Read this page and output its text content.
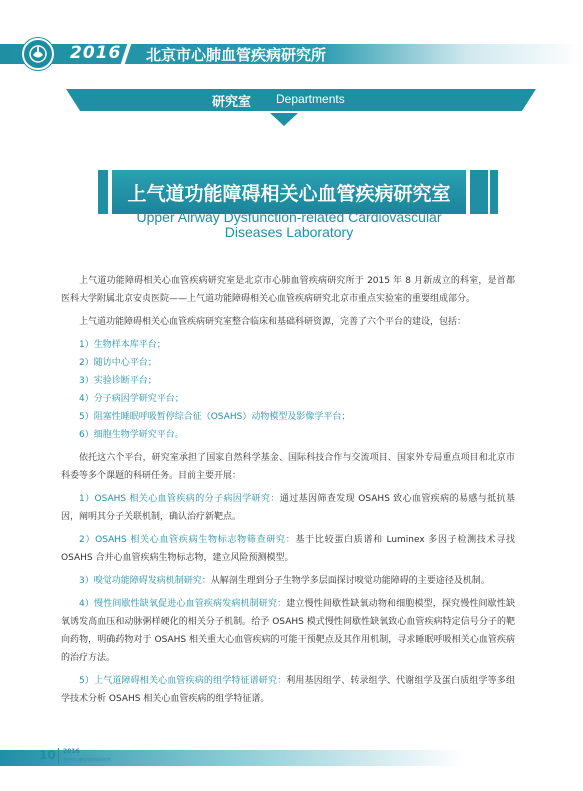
2016 北京市心肺血管疾病研究所
研究室 Departments
上气道功能障碍相关心血管疾病研究室
Upper Airway Dysfunction-related Cardiovascular
Diseases Laboratory

上气道功能障碍相关心血管疾病研究室是北京市心肺血管疾病研究所于 2015 年 8 月新成立的科室，是首都医科大学附属北京安贞医院——上气道功能障碍相关心血管疾病研究北京市重点实验室的重要组成部分。

上气道功能障碍相关心血管疾病研究室整合临床和基础科研资源，完善了六个平台的建设，包括：

1）生物样本库平台；
2）随访中心平台；
3）实验诊断平台；
4）分子病因学研究平台；
5）阻塞性睡眠呼吸暂停综合征（OSAHS）动物模型及影像学平台；
6）细胞生物学研究平台。

依托这六个平台，研究室承担了国家自然科学基金、国际科技合作与交流项目、国家外专局重点项目和北京市科委等多个课题的科研任务。目前主要开展：

1）OSAHS 相关心血管疾病的分子病因学研究：通过基因筛查发现 OSAHS 致心血管疾病的易感与抵抗基因，阐明其分子关联机制，确认治疗新靶点。

2）OSAHS 相关心血管疾病生物标志物筛查研究：基于比较蛋白质谱和 Luminex 多因子检测技术寻找 OSAHS 合并心血管疾病生物标志物，建立风险预测模型。

3）嗅觉功能障碍发病机制研究：从解剖生理到分子生物学多层面探讨嗅觉功能障碍的主要途径及机制。

4）慢性间歇性缺氧促进心血管疾病发病机制研究：建立慢性间歇性缺氧动物和细胞模型，探究慢性间歇性缺氧诱发高血压和动脉粥样硬化的相关分子机制。给予 OSAHS 模式慢性间歇性缺氧致心血管疾病特定信号分子的靶向药物，明确药物对于 OSAHS 相关重大心血管疾病的可能干预靶点及其作用机制，寻求睡眠呼吸相关心血管疾病的治疗方法。

5）上气道障碍相关心血管疾病的组学特征谱研究：利用基因组学、转录组学、代谢组学及蛋白质组学等多组学技术分析 OSAHS 相关心血管疾病的组学特征谱。

10 2016
北京市心肺血管疾病研究所
